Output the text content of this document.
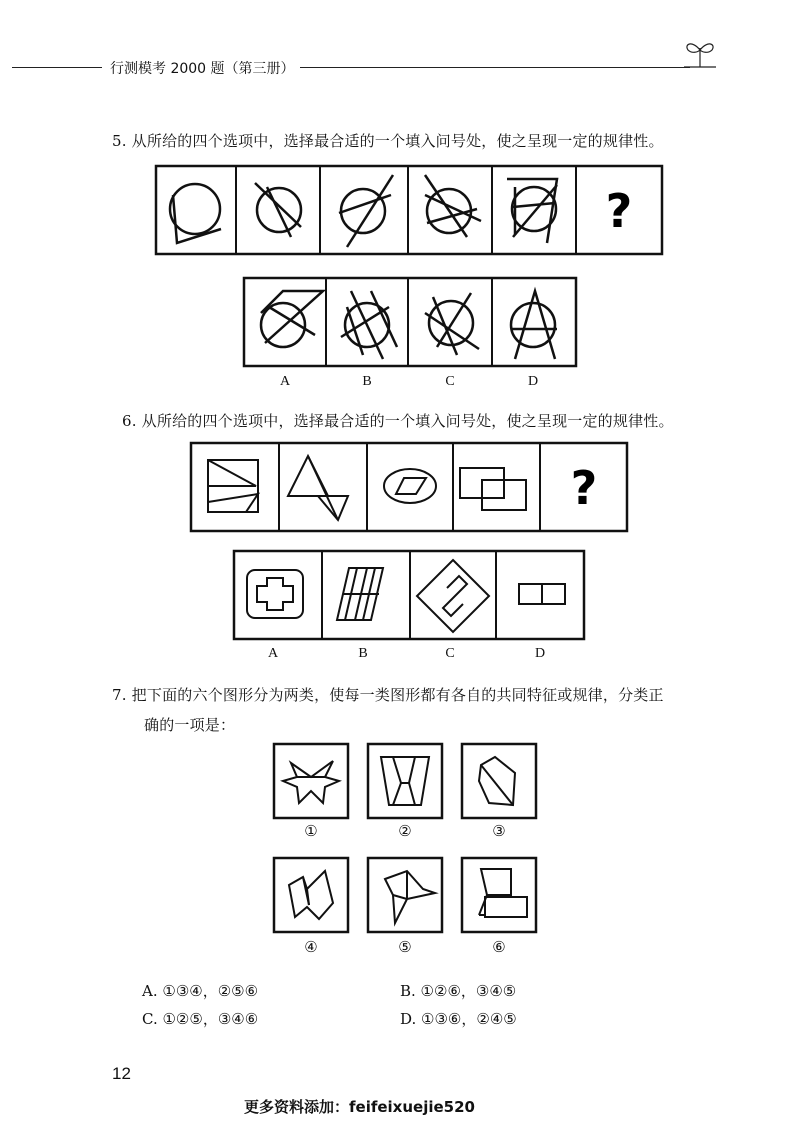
行测模考 2000 题（第三册）
5. 从所给的四个选项中，选择最合适的一个填入问号处，使之呈现一定的规律性。
?
A	B	C	D
6. 从所给的四个选项中，选择最合适的一个填入问号处，使之呈现一定的规律性。
?
A	B	C	D
7. 把下面的六个图形分为两类，使每一类图形都有各自的共同特征或规律，分类正
确的一项是：
①	②	③
④	⑤	⑥
A. ①③④，②⑤⑥	B. ①②⑥，③④⑤
C. ①②⑤，③④⑥	D. ①③⑥，②④⑤
12
更多资料添加：feifeixuejie520
